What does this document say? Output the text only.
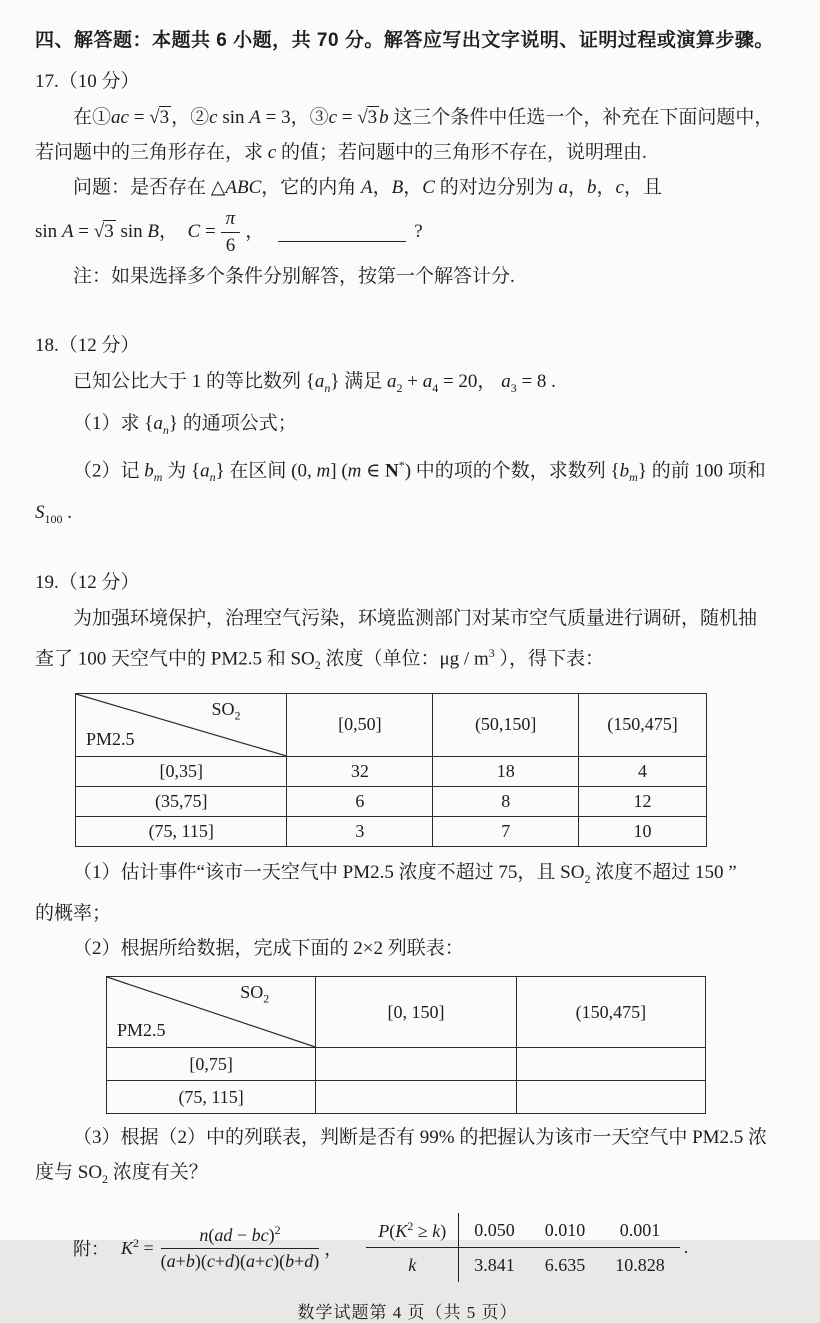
四、解答题：本题共 6 小题，共 70 分。解答应写出文字说明、证明过程或演算步骤。
17.（10 分）
在①ac = √3 ，②c sin A = 3，③c = √3 b 这三个条件中任选一个，补充在下面问题中，
若问题中的三角形存在，求 c 的值；若问题中的三角形不存在，说明理由.
问题：是否存在 △ABC，它的内角 A，B，C 的对边分别为 a，b，c，且
sin A = √3 sin B， $C = \frac{\pi}{6}$ ，	?
注：如果选择多个条件分别解答，按第一个解答计分.
18.（12 分）
已知公比大于 1 的等比数列 $\{a_n\}$ 满足 $a_2 + a_4 = 20$， $a_3 = 8$ .
（1）求 $\{a_n\}$ 的通项公式；
（2）记 $b_m$ 为 $\{a_n\}$ 在区间 (0, m] (m ∈ N*) 中的项的个数，求数列 $\{b_m\}$ 的前 100 项和 $S_{100}$ .
19.（12 分）
为加强环境保护，治理空气污染，环境监测部门对某市空气质量进行调研，随机抽
查了 100 天空气中的 PM2.5 和 $SO_2$ 浓度（单位：μg / $m^3$ ），得下表：
$SO_2$
PM2.5	[0,50]	(50,150]	(150,475]
[0,35]	32	18	4
(35,75]	6	8	12
(75, 115]	3	7	10
（1）估计事件“该市一天空气中 PM2.5 浓度不超过 75，且 $SO_2$ 浓度不超过 150 ”
的概率；
（2）根据所给数据，完成下面的 2×2 列联表：
$SO_2$
PM2.5	[0, 150]	(150,475]
[0,75]		
(75, 115]		
（3）根据（2）中的列联表，判断是否有 99% 的把握认为该市一天空气中 PM2.5 浓
度与 $SO_2$ 浓度有关？
附： $K^2 = \frac{n(ad - bc)^2}{(a+b)(c+d)(a+c)(b+d)}$ ，
$P(K^2 \ge k)$	0.050	0.010	0.001
k	3.841	6.635	10.828
.
数学试题第 4 页（共 5 页）
